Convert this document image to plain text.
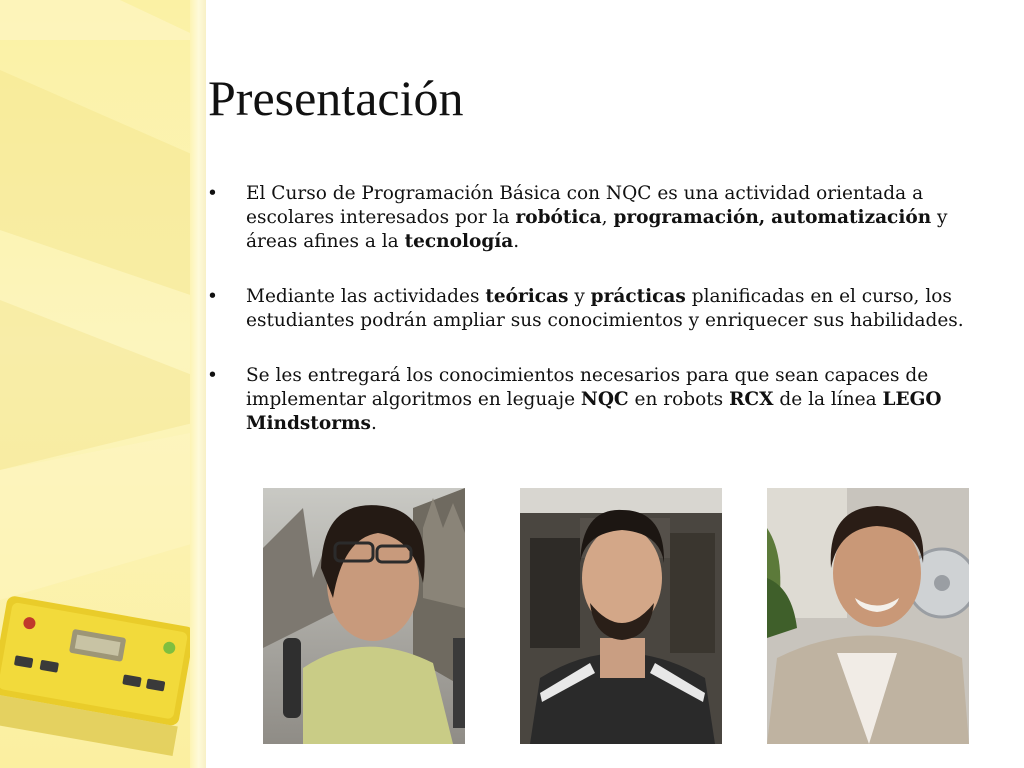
Presentación
• El Curso de Programación Básica con NQC es una actividad orientada a escolares interesados por la robótica, programación, automatización y áreas afines a la tecnología.
• Mediante las actividades teóricas y prácticas planificadas en el curso, los estudiantes podrán ampliar sus conocimientos y enriquecer sus habilidades.
• Se les entregará los conocimientos necesarios para que sean capaces de implementar algoritmos en leguaje NQC en robots RCX de la línea LEGO Mindstorms.
